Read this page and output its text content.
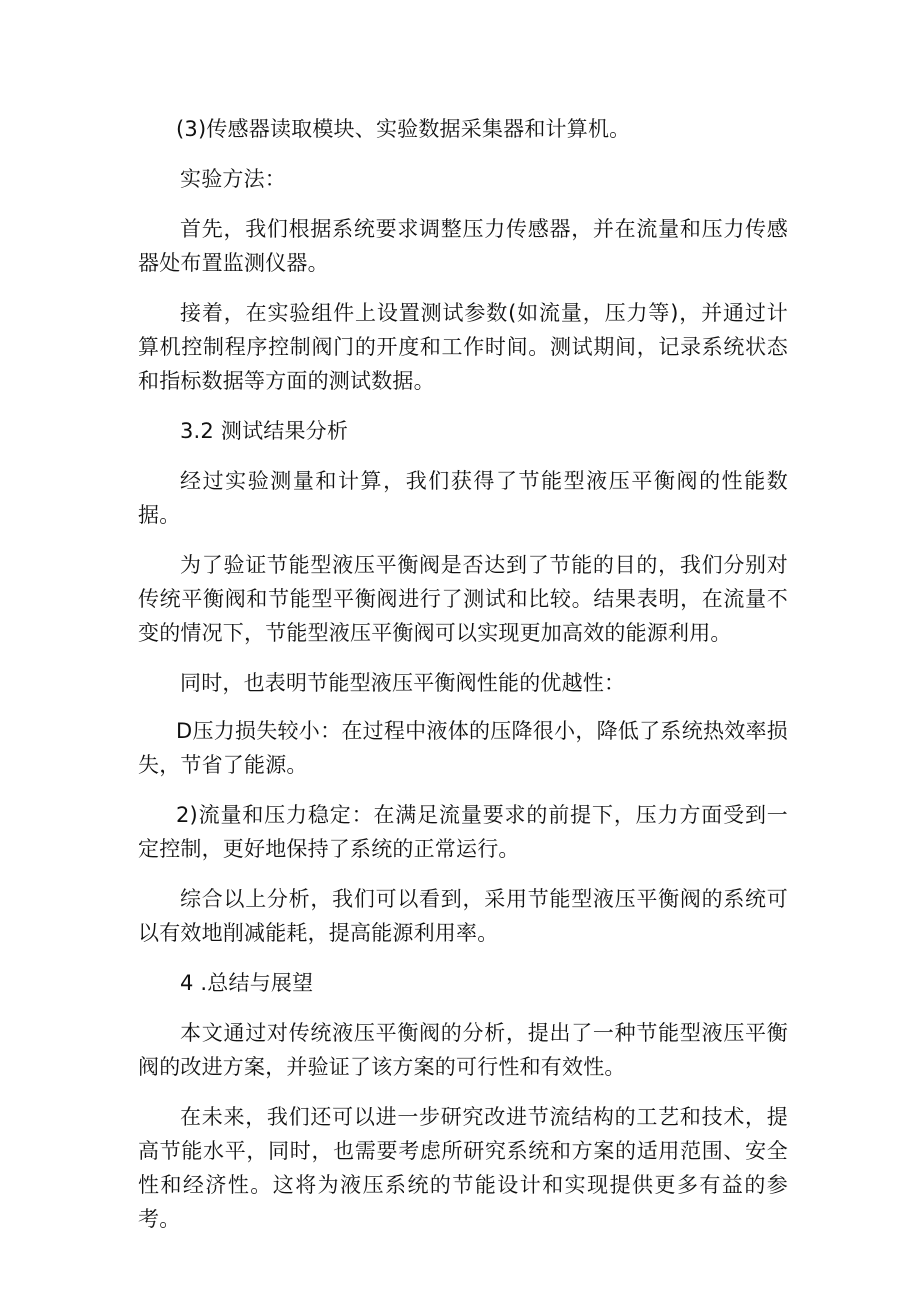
(3)传感器读取模块、实验数据采集器和计算机。

实验方法：

首先，我们根据系统要求调整压力传感器，并在流量和压力传感器处布置监测仪器。

接着，在实验组件上设置测试参数(如流量，压力等)，并通过计算机控制程序控制阀门的开度和工作时间。测试期间，记录系统状态和指标数据等方面的测试数据。

3.2 测试结果分析

经过实验测量和计算，我们获得了节能型液压平衡阀的性能数据。

为了验证节能型液压平衡阀是否达到了节能的目的，我们分别对传统平衡阀和节能型平衡阀进行了测试和比较。结果表明，在流量不变的情况下，节能型液压平衡阀可以实现更加高效的能源利用。

同时，也表明节能型液压平衡阀性能的优越性：

D压力损失较小：在过程中液体的压降很小，降低了系统热效率损失，节省了能源。

2)流量和压力稳定：在满足流量要求的前提下，压力方面受到一定控制，更好地保持了系统的正常运行。

综合以上分析，我们可以看到，采用节能型液压平衡阀的系统可以有效地削减能耗，提高能源利用率。

4 .总结与展望

本文通过对传统液压平衡阀的分析，提出了一种节能型液压平衡阀的改进方案，并验证了该方案的可行性和有效性。

在未来，我们还可以进一步研究改进节流结构的工艺和技术，提高节能水平，同时，也需要考虑所研究系统和方案的适用范围、安全性和经济性。这将为液压系统的节能设计和实现提供更多有益的参考。
